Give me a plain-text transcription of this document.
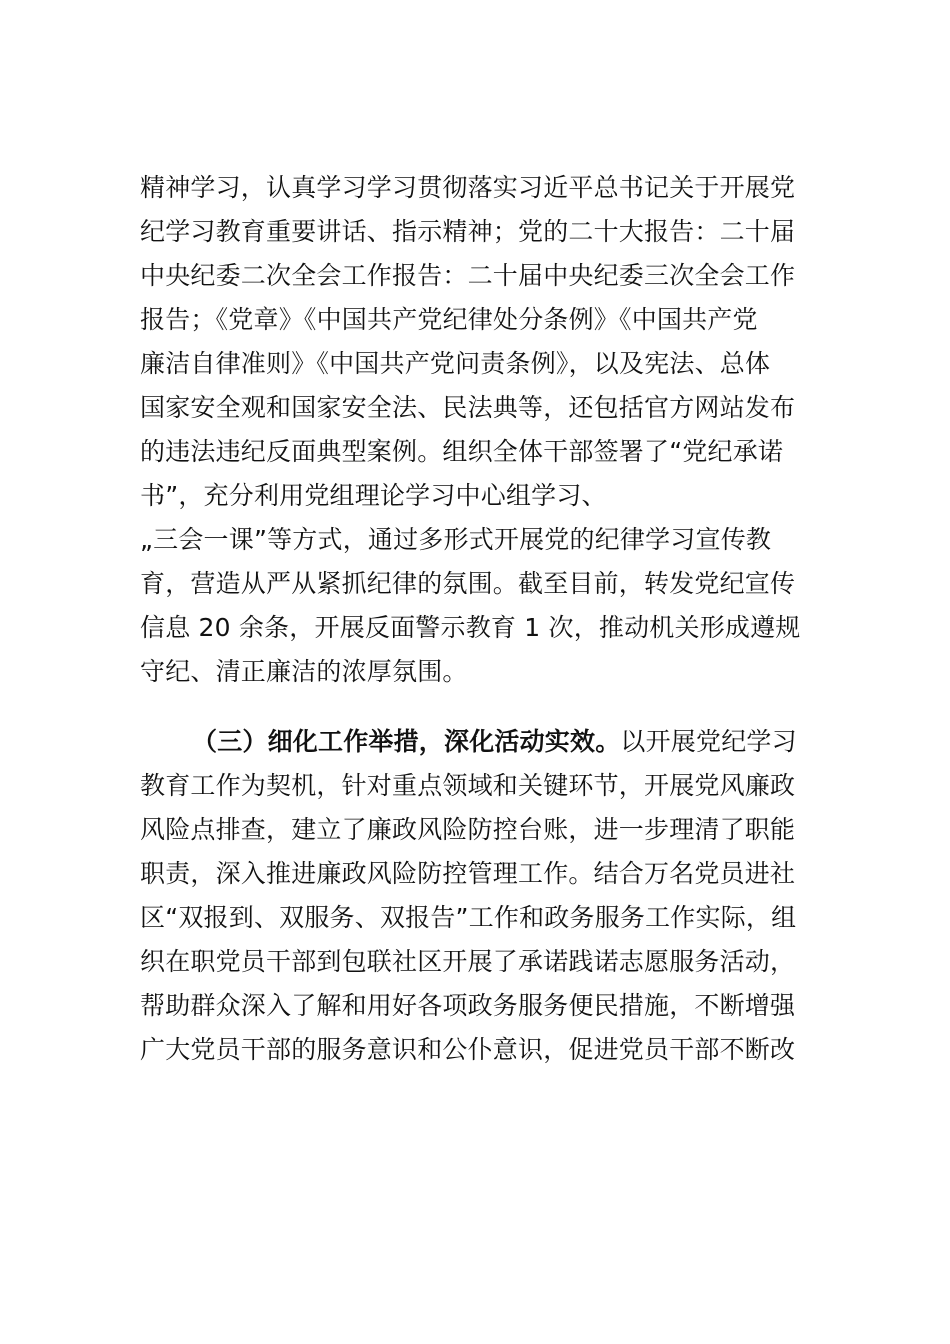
精神学习，认真学习学习贯彻落实习近平总书记关于开展党
纪学习教育重要讲话、指示精神；党的二十大报告：二十届
中央纪委二次全会工作报告：二十届中央纪委三次全会工作
报告；《党章》《中国共产党纪律处分条例》《中国共产党
廉洁自律准则》《中国共产党问责条例》，以及宪法、总体
国家安全观和国家安全法、民法典等，还包括官方网站发布
的违法违纪反面典型案例。组织全体干部签署了“党纪承诺
书”，充分利用党组理论学习中心组学习、
„三会一课”等方式，通过多形式开展党的纪律学习宣传教
育，营造从严从紧抓纪律的氛围。截至目前，转发党纪宣传
信息 20 余条，开展反面警示教育 1 次，推动机关形成遵规
守纪、清正廉洁的浓厚氛围。
（三）细化工作举措，深化活动实效。以开展党纪学习
教育工作为契机，针对重点领域和关键环节，开展党风廉政
风险点排查，建立了廉政风险防控台账，进一步理清了职能
职责，深入推进廉政风险防控管理工作。结合万名党员进社
区“双报到、双服务、双报告”工作和政务服务工作实际，组
织在职党员干部到包联社区开展了承诺践诺志愿服务活动，
帮助群众深入了解和用好各项政务服务便民措施，不断增强
广大党员干部的服务意识和公仆意识，促进党员干部不断改
